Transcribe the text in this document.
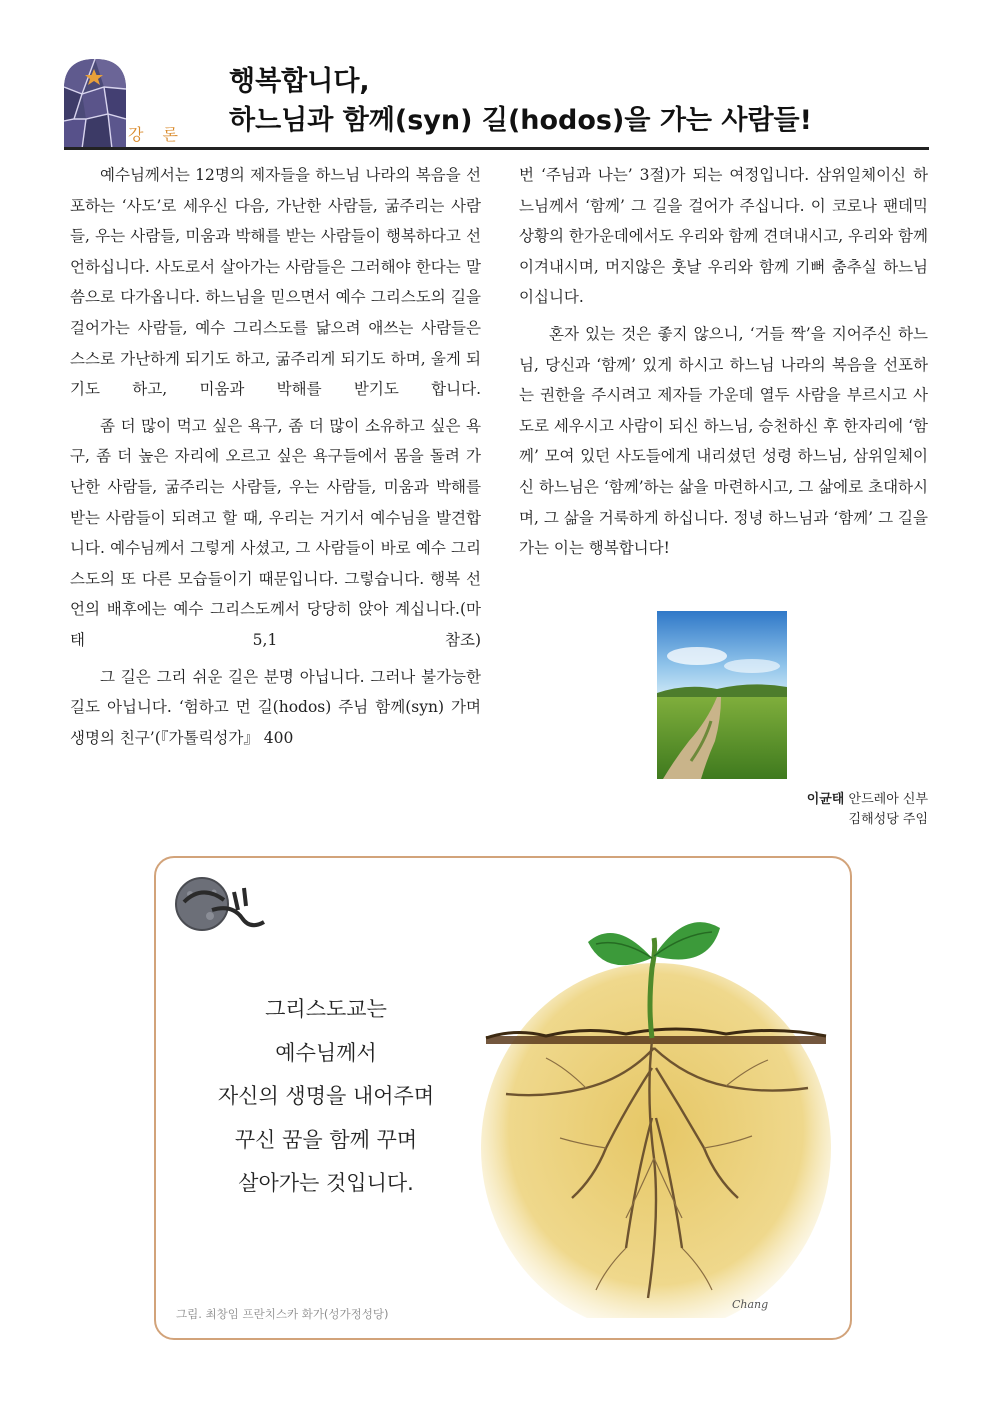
강 론
행복합니다,
하느님과 함께(syn) 길(hodos)을 가는 사람들!

예수님께서는 12명의 제자들을 하느님 나라의 복음을 선포하는 ‘사도’로 세우신 다음, 가난한 사람들, 굶주리는 사람들, 우는 사람들, 미움과 박해를 받는 사람들이 행복하다고 선언하십니다. 사도로서 살아가는 사람들은 그러해야 한다는 말씀으로 다가옵니다. 하느님을 믿으면서 예수 그리스도의 길을 걸어가는 사람들, 예수 그리스도를 닮으려 애쓰는 사람들은 스스로 가난하게 되기도 하고, 굶주리게 되기도 하며, 울게 되기도 하고, 미움과 박해를 받기도 합니다.

좀 더 많이 먹고 싶은 욕구, 좀 더 많이 소유하고 싶은 욕구, 좀 더 높은 자리에 오르고 싶은 욕구들에서 몸을 돌려 가난한 사람들, 굶주리는 사람들, 우는 사람들, 미움과 박해를 받는 사람들이 되려고 할 때, 우리는 거기서 예수님을 발견합니다. 예수님께서 그렇게 사셨고, 그 사람들이 바로 예수 그리스도의 또 다른 모습들이기 때문입니다. 그렇습니다. 행복 선언의 배후에는 예수 그리스도께서 당당히 앉아 계십니다.(마태 5,1 참조)

그 길은 그리 쉬운 길은 분명 아닙니다. 그러나 불가능한 길도 아닙니다. ‘험하고 먼 길(hodos) 주님 함께(syn) 가며 생명의 친구’(『가톨릭성가』 400

번 ‘주님과 나는’ 3절)가 되는 여정입니다. 삼위일체이신 하느님께서 ‘함께’ 그 길을 걸어가 주십니다. 이 코로나 팬데믹 상황의 한가운데에서도 우리와 함께 견뎌내시고, 우리와 함께 이겨내시며, 머지않은 훗날 우리와 함께 기뻐 춤추실 하느님이십니다.

혼자 있는 것은 좋지 않으니, ‘거들 짝’을 지어주신 하느님, 당신과 ‘함께’ 있게 하시고 하느님 나라의 복음을 선포하는 권한을 주시려고 제자들 가운데 열두 사람을 부르시고 사도로 세우시고 사람이 되신 하느님, 승천하신 후 한자리에 ‘함께’ 모여 있던 사도들에게 내리셨던 성령 하느님, 삼위일체이신 하느님은 ‘함께’하는 삶을 마련하시고, 그 삶에로 초대하시며, 그 삶을 거룩하게 하십니다. 정녕 하느님과 ‘함께’ 그 길을 가는 이는 행복합니다!

이균태 안드레아 신부
김해성당 주임
그리스도교는
예수님께서
자신의 생명을 내어주며
꾸신 꿈을 함께 꾸며
살아가는 것입니다.
그림. 최창임 프란치스카 화가(성가정성당)
Chang
